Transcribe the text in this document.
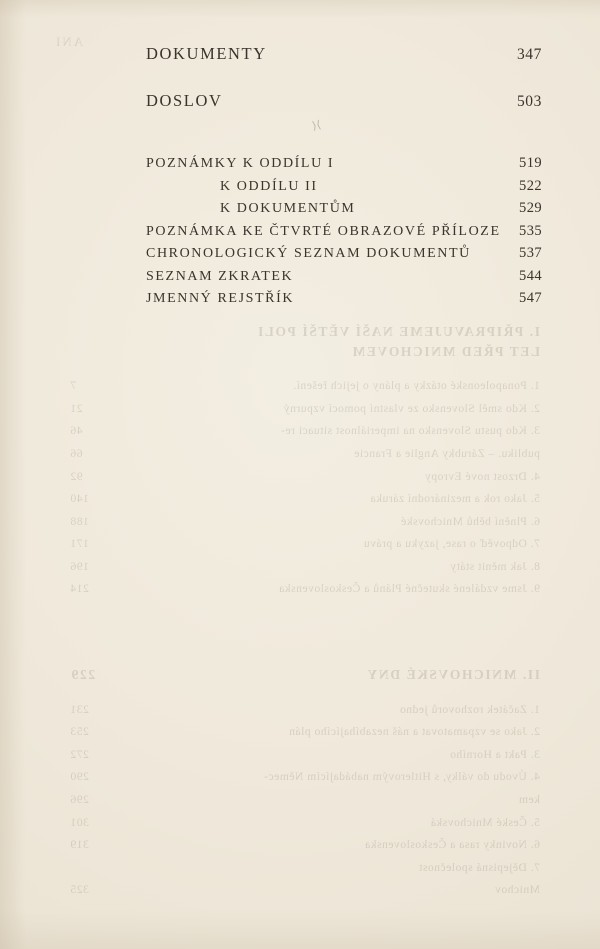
⟩⟨
DOKUMENTY	347
DOSLOV	503
POZNÁMKY K ODDÍLU I	519
K ODDÍLU II	522
K DOKUMENTŮM	529
POZNÁMKA KE ČTVRTÉ OBRAZOVÉ PŘÍLOZE	535
CHRONOLOGICKÝ SEZNAM DOKUMENTŮ	537
SEZNAM ZKRATEK	544
JMENNÝ REJSTŘÍK	547
